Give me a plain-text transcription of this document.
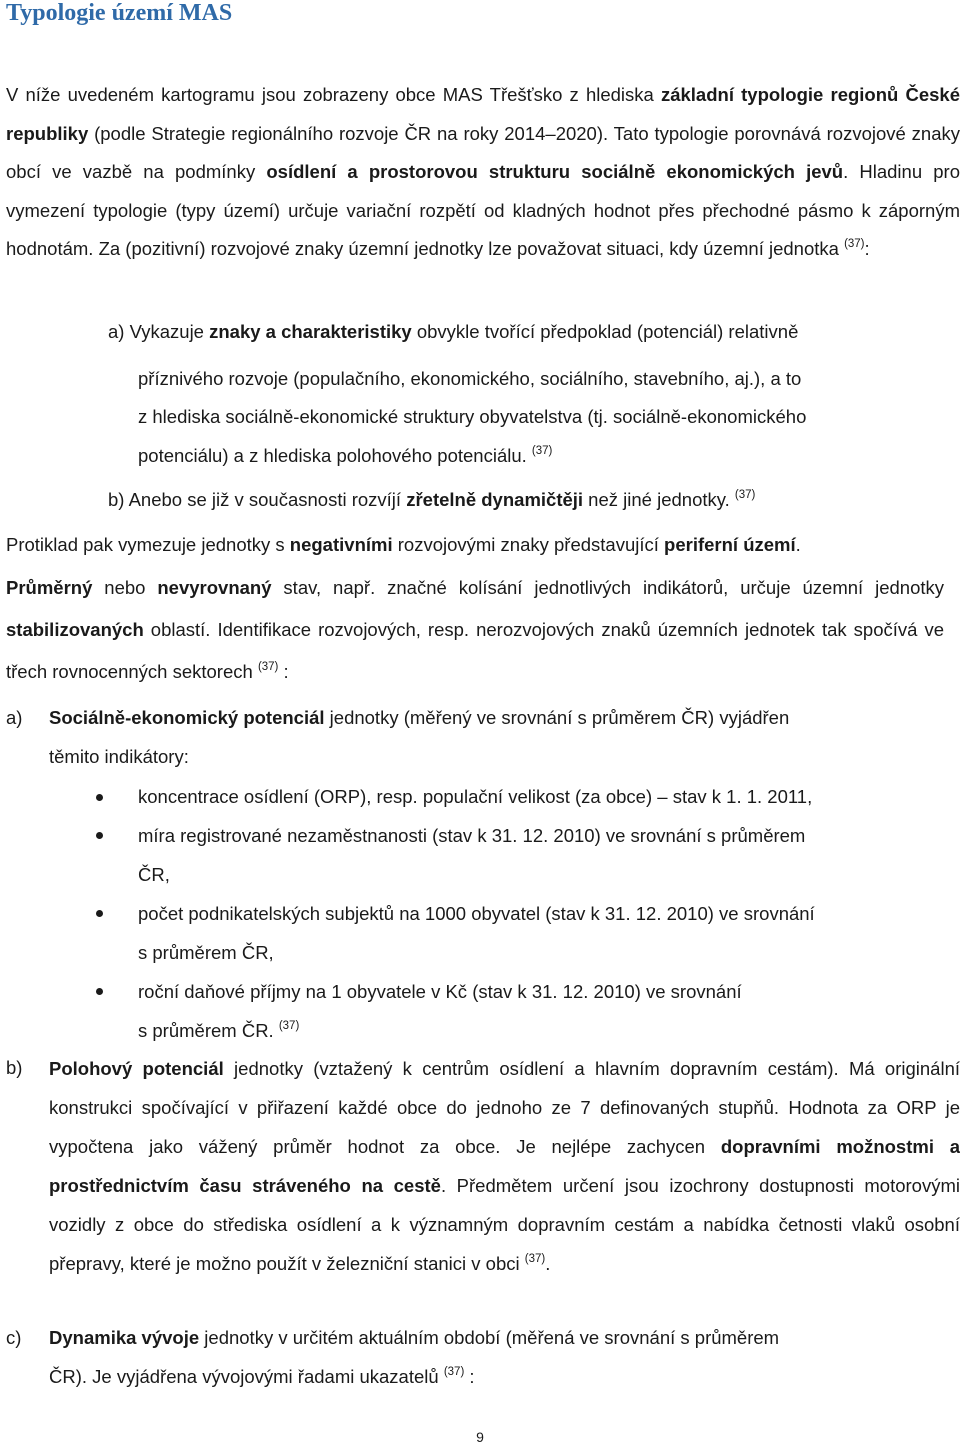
Typologie území MAS

V níže uvedeném kartogramu jsou zobrazeny obce MAS Třešťsko z hlediska základní typologie regionů České republiky (podle Strategie regionálního rozvoje ČR na roky 2014–2020). Tato typologie porovnává rozvojové znaky obcí ve vazbě na podmínky osídlení a prostorovou strukturu sociálně ekonomických jevů. Hladinu pro vymezení typologie (typy území) určuje variační rozpětí od kladných hodnot přes přechodné pásmo k záporným hodnotám. Za (pozitivní) rozvojové znaky územní jednotky lze považovat situaci, kdy územní jednotka $^{(37)}$:

a) Vykazuje znaky a charakteristiky obvykle tvořící předpoklad (potenciál) relativně
příznivého rozvoje (populačního, ekonomického, sociálního, stavebního, aj.), a to
z hlediska sociálně-ekonomické struktury obyvatelstva (tj. sociálně-ekonomického
potenciálu) a z hlediska polohového potenciálu. $^{(37)}$
b) Anebo se již v současnosti rozvíjí zřetelně dynamičtěji než jiné jednotky. $^{(37)}$
Protiklad pak vymezuje jednotky s negativními rozvojovými znaky představující periferní území.

Průměrný nebo nevyrovnaný stav, např. značné kolísání jednotlivých indikátorů, určuje územní jednotky stabilizovaných oblastí. Identifikace rozvojových, resp. nerozvojových znaků územních jednotek tak spočívá ve třech rovnocenných sektorech $^{(37)}$ :

a) Sociálně-ekonomický potenciál jednotky (měřený ve srovnání s průměrem ČR) vyjádřen
těmito indikátory:
koncentrace osídlení (ORP), resp. populační velikost (za obce) – stav k 1. 1. 2011,
míra registrované nezaměstnanosti (stav k 31. 12. 2010) ve srovnání s průměrem
ČR,
počet podnikatelských subjektů na 1000 obyvatel (stav k 31. 12. 2010) ve srovnání
s průměrem ČR,
roční daňové příjmy na 1 obyvatele v Kč (stav k 31. 12. 2010) ve srovnání
s průměrem ČR. $^{(37)}$
b) Polohový potenciál jednotky (vztažený k centrům osídlení a hlavním dopravním cestám). Má originální konstrukci spočívající v přiřazení každé obce do jednoho ze 7 definovaných stupňů. Hodnota za ORP je vypočtena jako vážený průměr hodnot za obce. Je nejlépe zachycen dopravními možnostmi a prostřednictvím času stráveného na cestě. Předmětem určení jsou izochrony dostupnosti motorovými vozidly z obce do střediska osídlení a k významným dopravním cestám a nabídka četnosti vlaků osobní přepravy, které je možno použít v železniční stanici v obci $^{(37)}$.

c) Dynamika vývoje jednotky v určitém aktuálním období (měřená ve srovnání s průměrem
ČR). Je vyjádřena vývojovými řadami ukazatelů $^{(37)}$ :
9
